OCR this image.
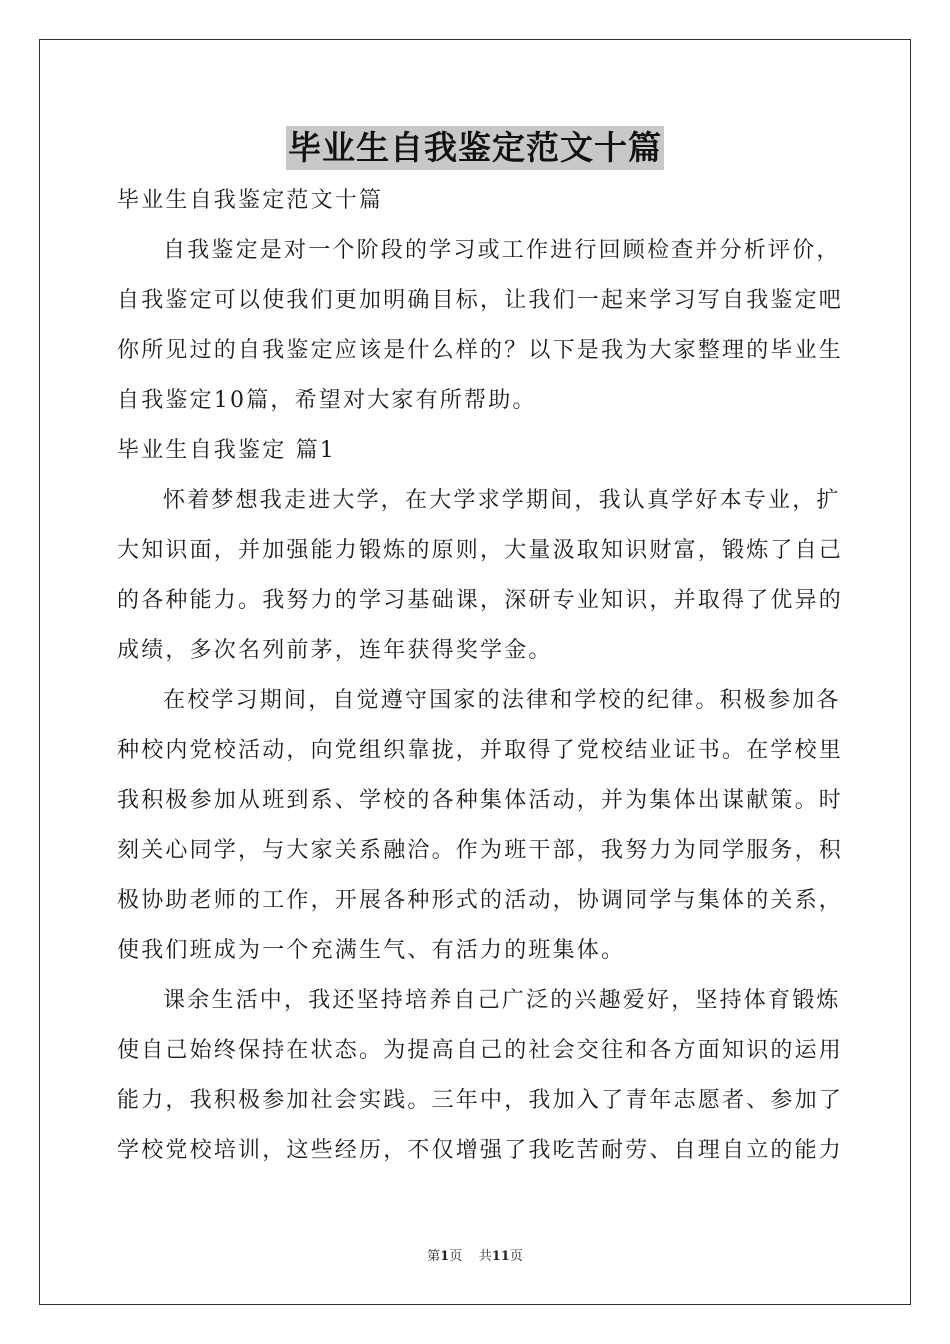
毕业生自我鉴定范文十篇
毕业生自我鉴定范文十篇
自我鉴定是对一个阶段的学习或工作进行回顾检查并分析评价，
自我鉴定可以使我们更加明确目标，让我们一起来学习写自我鉴定吧
你所见过的自我鉴定应该是什么样的？以下是我为大家整理的毕业生
自我鉴定10篇，希望对大家有所帮助。
毕业生自我鉴定 篇1
怀着梦想我走进大学，在大学求学期间，我认真学好本专业，扩
大知识面，并加强能力锻炼的原则，大量汲取知识财富，锻炼了自己
的各种能力。我努力的学习基础课，深研专业知识，并取得了优异的
成绩，多次名列前茅，连年获得奖学金。
在校学习期间，自觉遵守国家的法律和学校的纪律。积极参加各
种校内党校活动，向党组织靠拢，并取得了党校结业证书。在学校里
我积极参加从班到系、学校的各种集体活动，并为集体出谋献策。时
刻关心同学，与大家关系融洽。作为班干部，我努力为同学服务，积
极协助老师的工作，开展各种形式的活动，协调同学与集体的关系，
使我们班成为一个充满生气、有活力的班集体。
课余生活中，我还坚持培养自己广泛的兴趣爱好，坚持体育锻炼
使自己始终保持在状态。为提高自己的社会交往和各方面知识的运用
能力，我积极参加社会实践。三年中，我加入了青年志愿者、参加了
学校党校培训，这些经历，不仅增强了我吃苦耐劳、自理自立的能力
第1页 共11页
